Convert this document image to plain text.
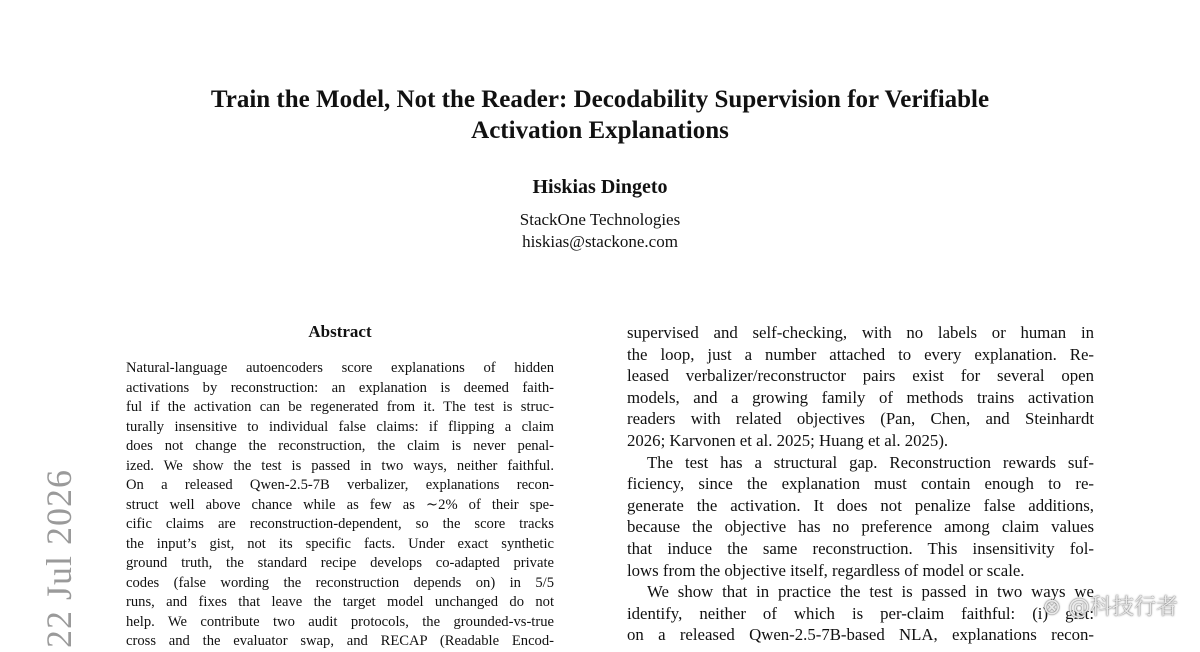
Train the Model, Not the Reader: Decodability Supervision for Verifiable
Activation Explanations
Hiskias Dingeto
StackOne Technologies
hiskias@stackone.com
22 Jul 2026
Abstract
Natural-language autoencoders score explanations of hidden
activations by reconstruction: an explanation is deemed faith-
ful if the activation can be regenerated from it. The test is struc-
turally insensitive to individual false claims: if flipping a claim
does not change the reconstruction, the claim is never penal-
ized. We show the test is passed in two ways, neither faithful.
On a released Qwen-2.5-7B verbalizer, explanations recon-
struct well above chance while as few as ∼2% of their spe-
cific claims are reconstruction-dependent, so the score tracks
the input’s gist, not its specific facts. Under exact synthetic
ground truth, the standard recipe develops co-adapted private
codes (false wording the reconstruction depends on) in 5/5
runs, and fixes that leave the target model unchanged do not
help. We contribute two audit protocols, the grounded-vs-true
cross and the evaluator swap, and RECAP (Readable Encod-
supervised and self-checking, with no labels or human in
the loop, just a number attached to every explanation. Re-
leased verbalizer/reconstructor pairs exist for several open
models, and a growing family of methods trains activation
readers with related objectives (Pan, Chen, and Steinhardt
2026; Karvonen et al. 2025; Huang et al. 2025).
The test has a structural gap. Reconstruction rewards suf-
ficiency, since the explanation must contain enough to re-
generate the activation. It does not penalize false additions,
because the objective has no preference among claim values
that induce the same reconstruction. This insensitivity fol-
lows from the objective itself, regardless of model or scale.
We show that in practice the test is passed in two ways we
identify, neither of which is per-claim faithful: (i) gist:
on a released Qwen-2.5-7B-based NLA, explanations recon-
⊗ @科技行者
